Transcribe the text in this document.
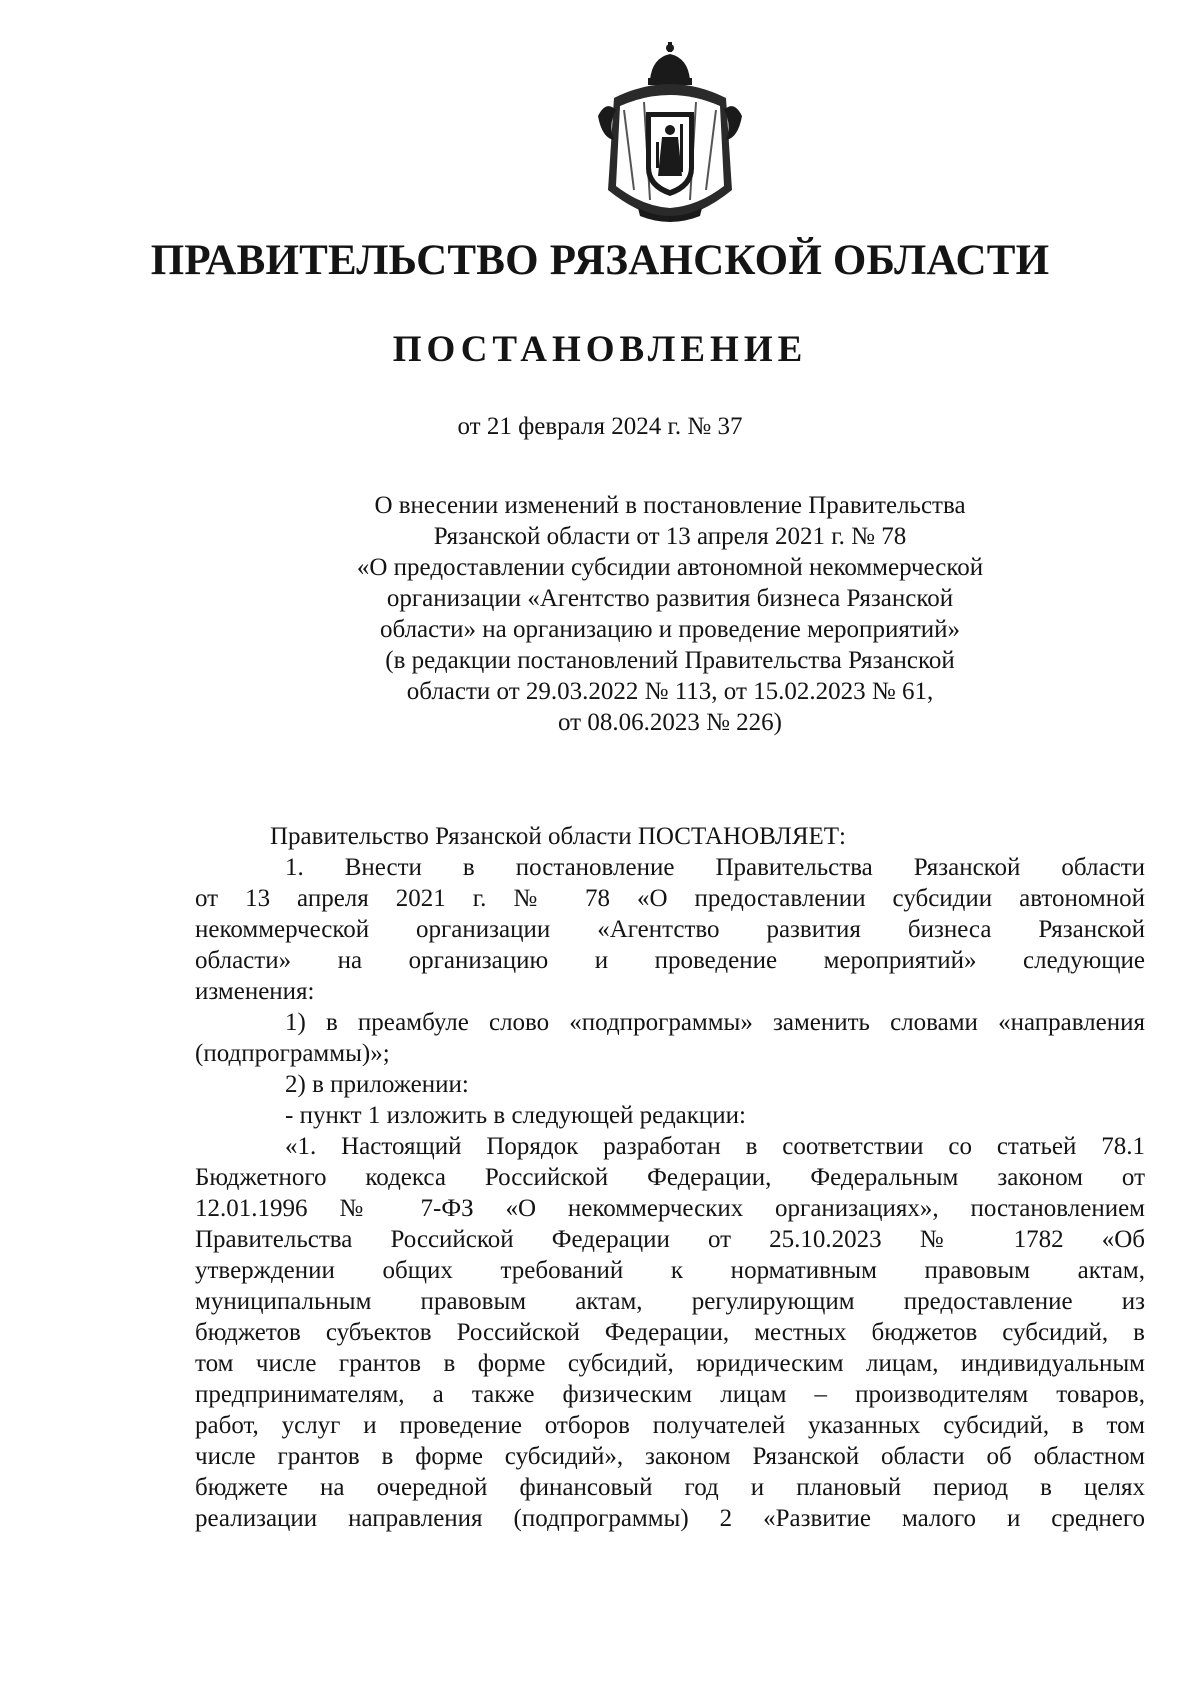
ПРАВИТЕЛЬСТВО РЯЗАНСКОЙ ОБЛАСТИ
ПОСТАНОВЛЕНИЕ
от 21 февраля 2024 г. № 37
О внесении изменений в постановление Правительства
Рязанской области от 13 апреля 2021 г. № 78
«О предоставлении субсидии автономной некоммерческой
организации «Агентство развития бизнеса Рязанской
области» на организацию и проведение мероприятий»
(в редакции постановлений Правительства Рязанской
области от 29.03.2022 № 113, от 15.02.2023 № 61,
от 08.06.2023 № 226)
Правительство Рязанской области ПОСТАНОВЛЯЕТ:
1. Внести в постановление Правительства Рязанской области
от 13 апреля 2021 г. № 78 «О предоставлении субсидии автономной
некоммерческой организации «Агентство развития бизнеса Рязанской
области» на организацию и проведение мероприятий» следующие
изменения:
1) в преамбуле слово «подпрограммы» заменить словами «направления
(подпрограммы)»;
2) в приложении:
- пункт 1 изложить в следующей редакции:
«1. Настоящий Порядок разработан в соответствии со статьей 78.1
Бюджетного кодекса Российской Федерации, Федеральным законом от
12.01.1996 № 7-ФЗ «О некоммерческих организациях», постановлением
Правительства Российской Федерации от 25.10.2023 № 1782 «Об
утверждении общих требований к нормативным правовым актам,
муниципальным правовым актам, регулирующим предоставление из
бюджетов субъектов Российской Федерации, местных бюджетов субсидий, в
том числе грантов в форме субсидий, юридическим лицам, индивидуальным
предпринимателям, а также физическим лицам – производителям товаров,
работ, услуг и проведение отборов получателей указанных субсидий, в том
числе грантов в форме субсидий», законом Рязанской области об областном
бюджете на очередной финансовый год и плановый период в целях
реализации направления (подпрограммы) 2 «Развитие малого и среднего
